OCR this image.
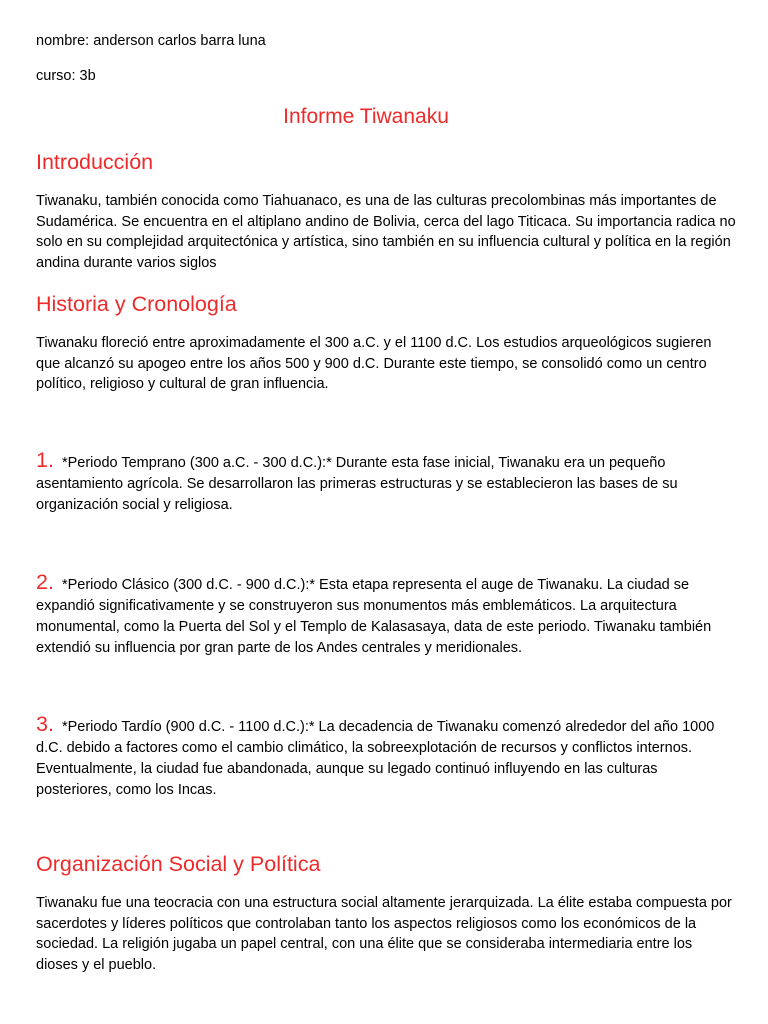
nombre: anderson carlos barra luna
curso: 3b
Informe Tiwanaku
Introducción

Tiwanaku, también conocida como Tiahuanaco, es una de las culturas precolombinas más importantes de Sudamérica. Se encuentra en el altiplano andino de Bolivia, cerca del lago Titicaca. Su importancia radica no solo en su complejidad arquitectónica y artística, sino también en su influencia cultural y política en la región andina durante varios siglos

Historia y Cronología

Tiwanaku floreció entre aproximadamente el 300 a.C. y el 1100 d.C. Los estudios arqueológicos sugieren que alcanzó su apogeo entre los años 500 y 900 d.C. Durante este tiempo, se consolidó como un centro político, religioso y cultural de gran influencia.

1. *Periodo Temprano (300 a.C. - 300 d.C.):* Durante esta fase inicial, Tiwanaku era un pequeño asentamiento agrícola. Se desarrollaron las primeras estructuras y se establecieron las bases de su organización social y religiosa.

2. *Periodo Clásico (300 d.C. - 900 d.C.):* Esta etapa representa el auge de Tiwanaku. La ciudad se expandió significativamente y se construyeron sus monumentos más emblemáticos. La arquitectura monumental, como la Puerta del Sol y el Templo de Kalasasaya, data de este periodo. Tiwanaku también extendió su influencia por gran parte de los Andes centrales y meridionales.

3. *Periodo Tardío (900 d.C. - 1100 d.C.):* La decadencia de Tiwanaku comenzó alrededor del año 1000 d.C. debido a factores como el cambio climático, la sobreexplotación de recursos y conflictos internos. Eventualmente, la ciudad fue abandonada, aunque su legado continuó influyendo en las culturas posteriores, como los Incas.

Organización Social y Política

Tiwanaku fue una teocracia con una estructura social altamente jerarquizada. La élite estaba compuesta por sacerdotes y líderes políticos que controlaban tanto los aspectos religiosos como los económicos de la sociedad. La religión jugaba un papel central, con una élite que se consideraba intermediaria entre los dioses y el pueblo.
